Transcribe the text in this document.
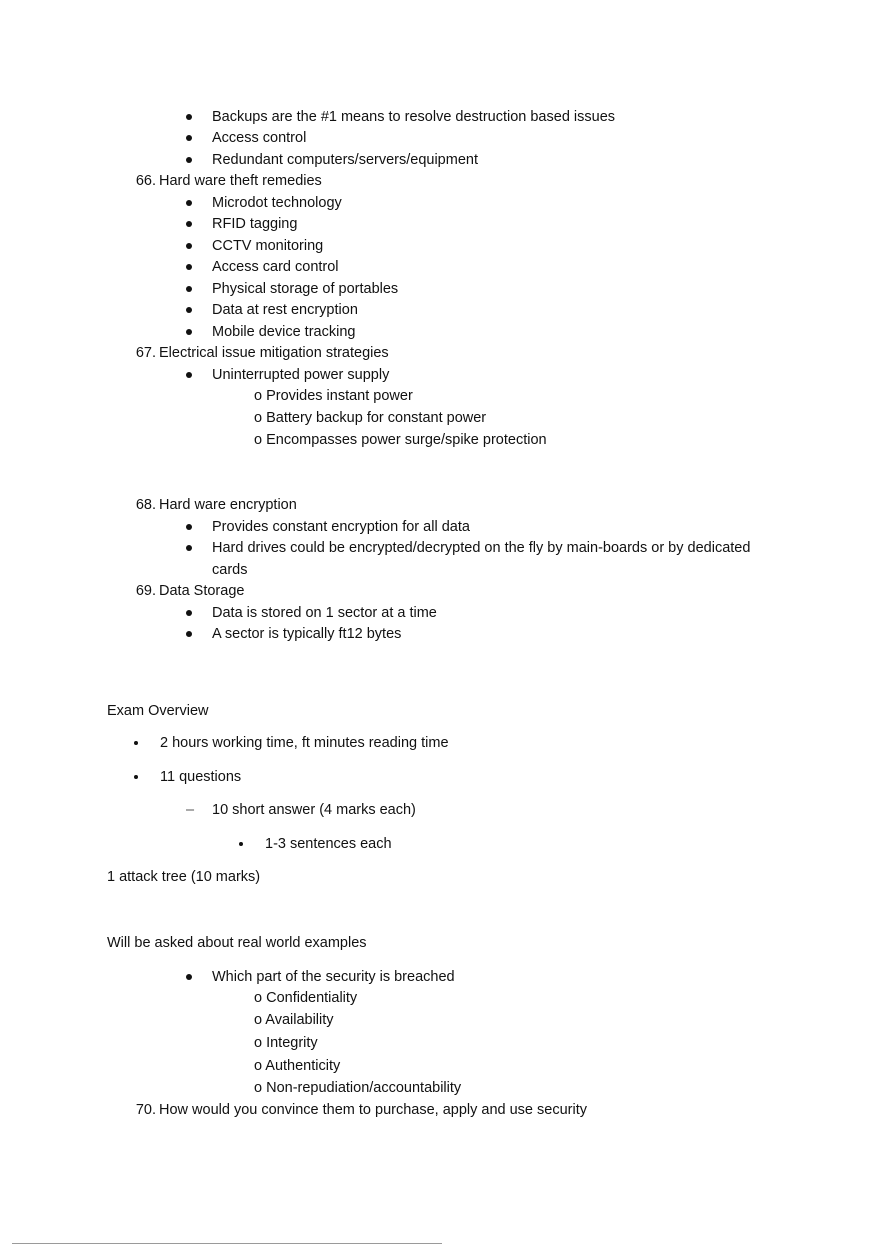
Backups are the #1 means to resolve destruction based issues
Access control
Redundant computers/servers/equipment
66. Hard ware theft remedies
Microdot technology
RFID tagging
CCTV monitoring
Access card control
Physical storage of portables
Data at rest encryption
Mobile device tracking
67. Electrical issue mitigation strategies
Uninterrupted power supply
o Provides instant power
o Battery backup for constant power
o Encompasses power surge/spike protection
68. Hard ware encryption
Provides constant encryption for all data
Hard drives could be encrypted/decrypted on the fly by main-boards or by dedicated
cards
69. Data Storage
Data is stored on 1 sector at a time
A sector is typically ft12 bytes
Exam Overview
2 hours working time, ft minutes reading time
11 questions
– 10 short answer (4 marks each)
1-3 sentences each
1 attack tree (10 marks)
Will be asked about real world examples
Which part of the security is breached
o Confidentiality
o Availability
o Integrity
o Authenticity
o Non-repudiation/accountability
70. How would you convince them to purchase, apply and use security
